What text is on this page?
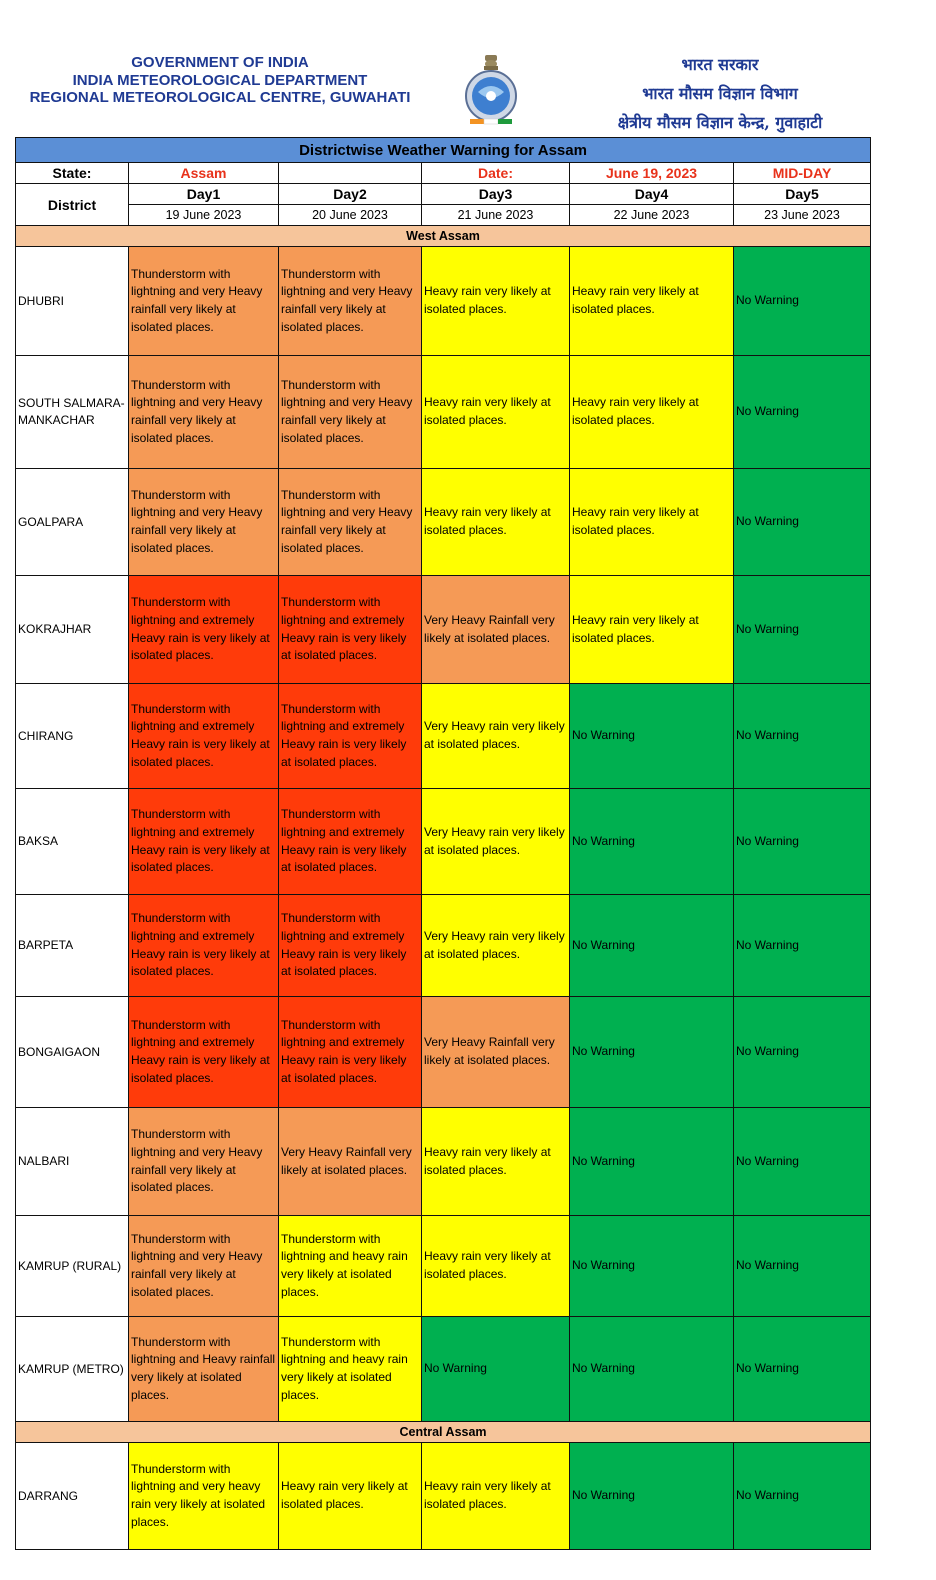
GOVERNMENT OF INDIA
INDIA METEOROLOGICAL DEPARTMENT
REGIONAL METEOROLOGICAL CENTRE, GUWAHATI
भारत सरकार
भारत मौसम विज्ञान विभाग
क्षेत्रीय मौसम विज्ञान केन्द्र, गुवाहाटी
Districtwise Weather Warning for Assam					
State:	Assam		Date:	June 19, 2023	MID-DAY
District	Day1	Day2	Day3	Day4	Day5
	19 June 2023	20 June 2023	21 June 2023	22 June 2023	23 June 2023
West Assam					
DHUBRI	Thunderstorm with lightning and very Heavy rainfall very likely at isolated places.	Thunderstorm with lightning and very Heavy rainfall very likely at isolated places.	Heavy rain very likely at isolated places.	Heavy rain very likely at isolated places.	No Warning
SOUTH SALMARA-MANKACHAR	Thunderstorm with lightning and very Heavy rainfall very likely at isolated places.	Thunderstorm with lightning and very Heavy rainfall very likely at isolated places.	Heavy rain very likely at isolated places.	Heavy rain very likely at isolated places.	No Warning
GOALPARA	Thunderstorm with lightning and very Heavy rainfall very likely at isolated places.	Thunderstorm with lightning and very Heavy rainfall very likely at isolated places.	Heavy rain very likely at isolated places.	Heavy rain very likely at isolated places.	No Warning
KOKRAJHAR	Thunderstorm with lightning and extremely Heavy rain is very likely at isolated places.	Thunderstorm with lightning and extremely Heavy rain is very likely at isolated places.	Very Heavy Rainfall very likely at isolated places.	Heavy rain very likely at isolated places.	No Warning
CHIRANG	Thunderstorm with lightning and extremely Heavy rain is very likely at isolated places.	Thunderstorm with lightning and extremely Heavy rain is very likely at isolated places.	Very Heavy rain very likely at isolated places.	No Warning	No Warning
BAKSA	Thunderstorm with lightning and extremely Heavy rain is very likely at isolated places.	Thunderstorm with lightning and extremely Heavy rain is very likely at isolated places.	Very Heavy rain very likely at isolated places.	No Warning	No Warning
BARPETA	Thunderstorm with lightning and extremely Heavy rain is very likely at isolated places.	Thunderstorm with lightning and extremely Heavy rain is very likely at isolated places.	Very Heavy rain very likely at isolated places.	No Warning	No Warning
BONGAIGAON	Thunderstorm with lightning and extremely Heavy rain is very likely at isolated places.	Thunderstorm with lightning and extremely Heavy rain is very likely at isolated places.	Very Heavy Rainfall very likely at isolated places.	No Warning	No Warning
NALBARI	Thunderstorm with lightning and very Heavy rainfall very likely at isolated places.	Very Heavy Rainfall very likely at isolated places.	Heavy rain very likely at isolated places.	No Warning	No Warning
KAMRUP (RURAL)	Thunderstorm with lightning and very Heavy rainfall very likely at isolated places.	Thunderstorm with lightning and heavy rain very likely at isolated places.	Heavy rain very likely at isolated places.	No Warning	No Warning
KAMRUP (METRO)	Thunderstorm with lightning and Heavy rainfall very likely at isolated places.	Thunderstorm with lightning and heavy rain very likely at isolated places.	No Warning	No Warning	No Warning
Central Assam					
DARRANG	Thunderstorm with lightning and very heavy rain very likely at isolated places.	Heavy rain very likely at isolated places.	Heavy rain very likely at isolated places.	No Warning	No Warning
